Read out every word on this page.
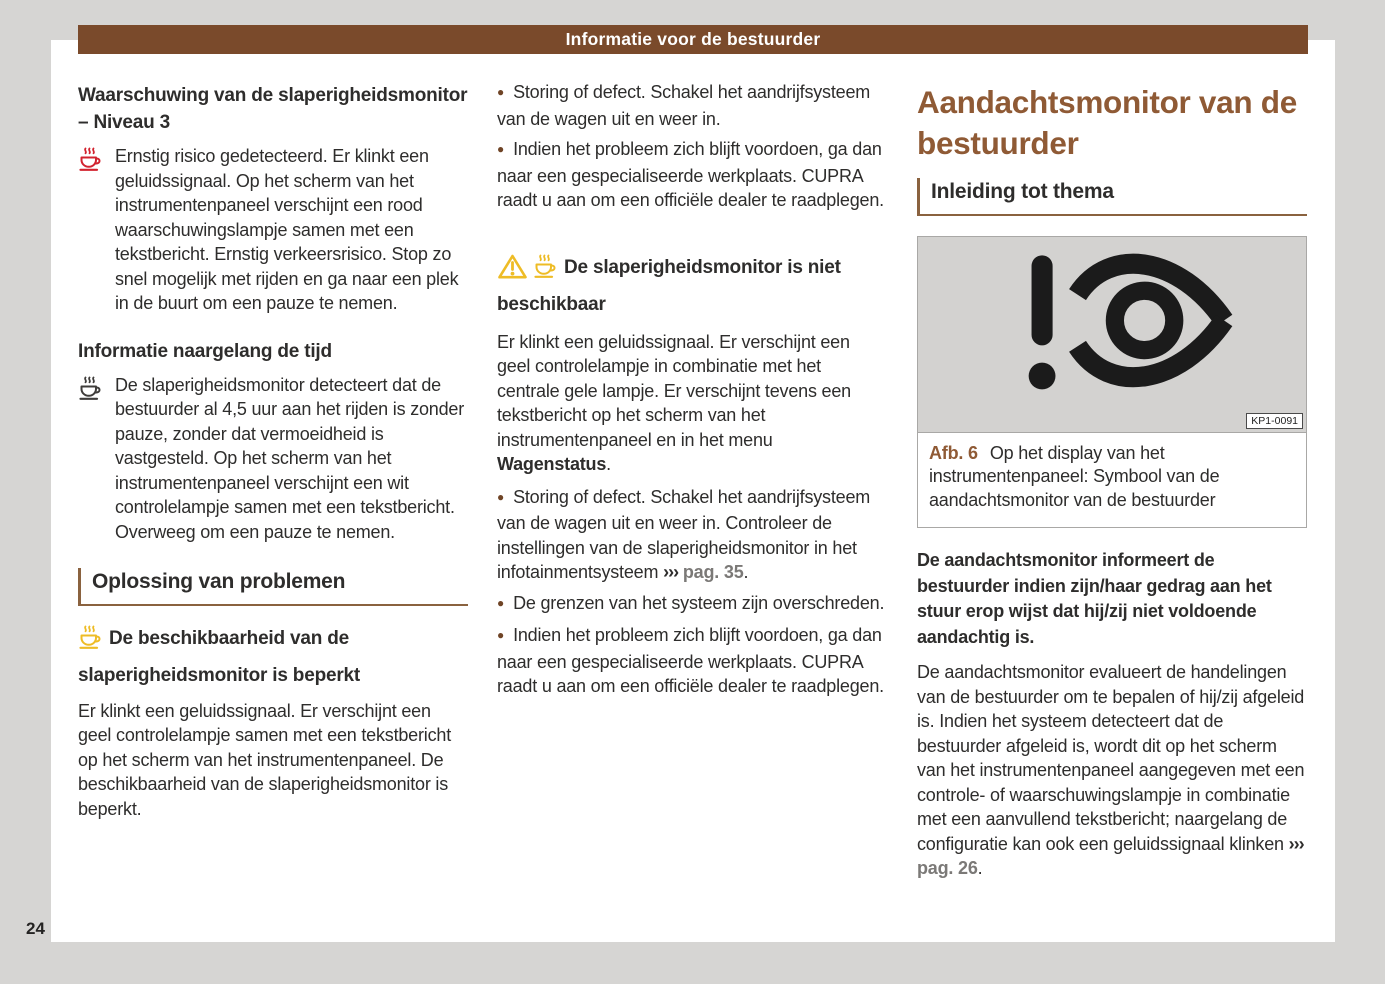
Informatie voor de bestuurder
Waarschuwing van de slaperigheidsmonitor – Niveau 3

Ernstig risico gedetecteerd. Er klinkt een geluidssignaal. Op het scherm van het instrumentenpaneel verschijnt een rood waarschuwingslampje samen met een tekstbericht. Ernstig verkeersrisico. Stop zo snel mogelijk met rijden en ga naar een plek in de buurt om een pauze te nemen.

Informatie naargelang de tijd

De slaperigheidsmonitor detecteert dat de bestuurder al 4,5 uur aan het rijden is zonder pauze, zonder dat vermoeidheid is vastgesteld. Op het scherm van het instrumentenpaneel verschijnt een wit controlelampje samen met een tekstbericht. Overweeg om een pauze te nemen.

Oplossing van problemen

De beschikbaarheid van de slaperigheidsmonitor is beperkt

Er klinkt een geluidssignaal. Er verschijnt een geel controlelampje samen met een tekstbericht op het scherm van het instrumentenpaneel. De beschikbaarheid van de slaperigheidsmonitor is beperkt.

● Storing of defect. Schakel het aandrijfsysteem van de wagen uit en weer in.

● Indien het probleem zich blijft voordoen, ga dan naar een gespecialiseerde werkplaats. CUPRA raadt u aan om een officiële dealer te raadplegen.

De slaperigheidsmonitor is niet beschikbaar

Er klinkt een geluidssignaal. Er verschijnt een geel controlelampje in combinatie met het centrale gele lampje. Er verschijnt tevens een tekstbericht op het scherm van het instrumentenpaneel en in het menu Wagenstatus.

● Storing of defect. Schakel het aandrijfsysteem van de wagen uit en weer in. Controleer de instellingen van de slaperigheidsmonitor in het infotainmentsysteem ››› pag. 35.

● De grenzen van het systeem zijn overschreden.

● Indien het probleem zich blijft voordoen, ga dan naar een gespecialiseerde werkplaats. CUPRA raadt u aan om een officiële dealer te raadplegen.

Aandachtsmonitor van de bestuurder
Inleiding tot thema
KP1-0091
Afb. 6 Op het display van het instrumentenpaneel: Symbool van de aandachtsmonitor van de bestuurder

De aandachtsmonitor informeert de bestuurder indien zijn/haar gedrag aan het stuur erop wijst dat hij/zij niet voldoende aandachtig is.

De aandachtsmonitor evalueert de handelingen van de bestuurder om te bepalen of hij/zij afgeleid is. Indien het systeem detecteert dat de bestuurder afgeleid is, wordt dit op het scherm van het instrumentenpaneel aangegeven met een controle- of waarschuwingslampje in combinatie met een aanvullend tekstbericht; naargelang de configuratie kan ook een geluidssignaal klinken ››› pag. 26.

24
